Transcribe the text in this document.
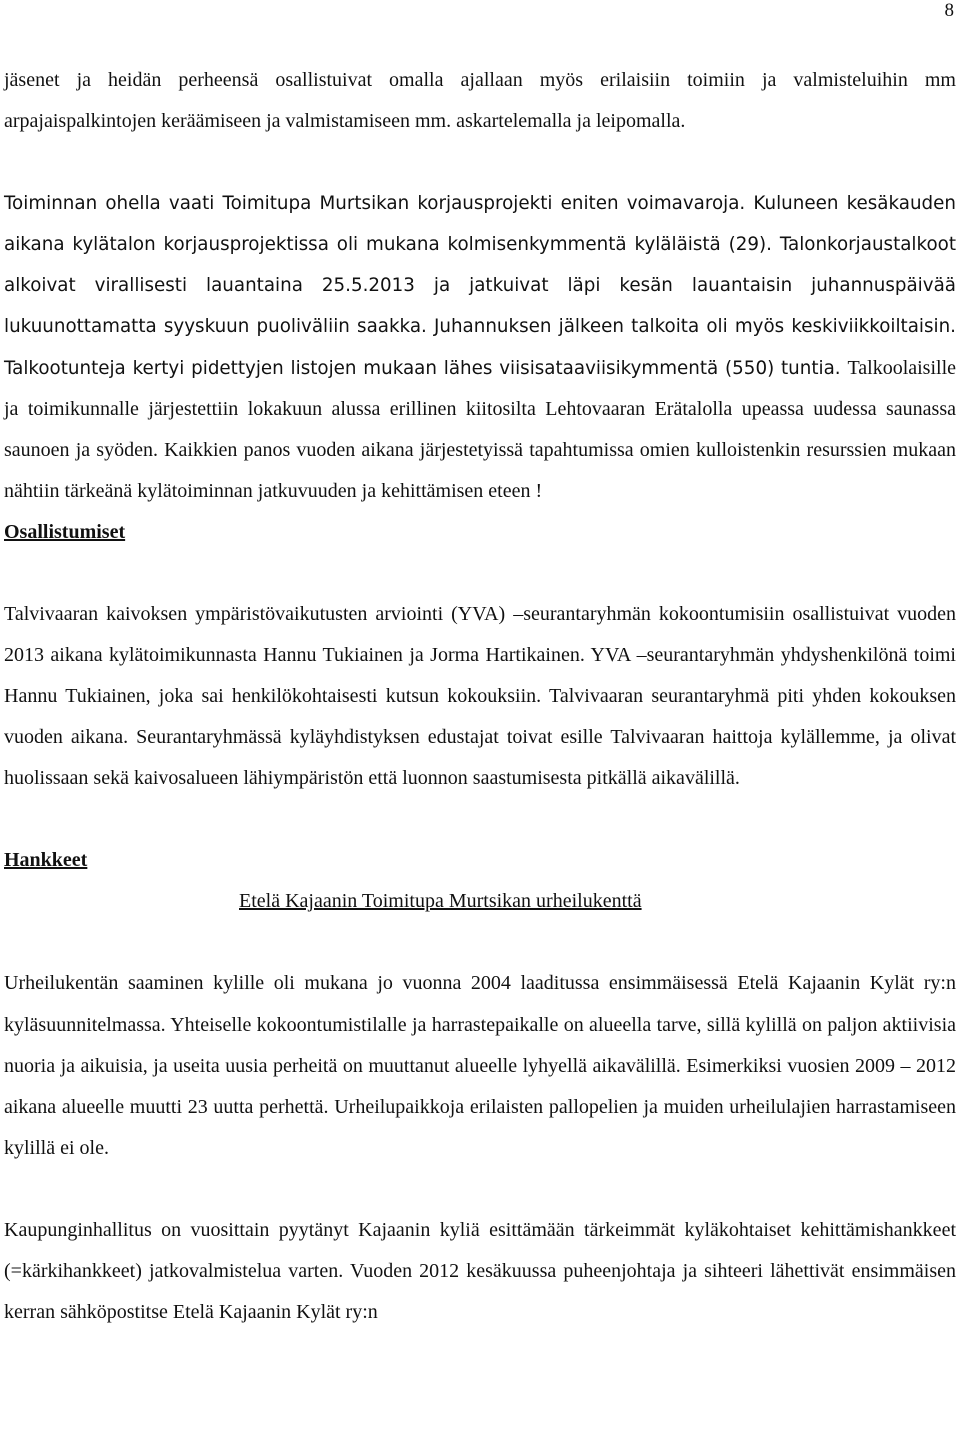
8

jäsenet ja heidän perheensä osallistuivat omalla ajallaan myös erilaisiin toimiin ja valmisteluihin mm arpajaispalkintojen keräämiseen ja valmistamiseen mm. askartelemalla ja leipomalla.

Toiminnan ohella vaati Toimitupa Murtsikan korjausprojekti eniten voimavaroja. Kuluneen kesäkauden aikana kylätalon korjausprojektissa oli mukana kolmisenkymmentä kyläläistä (29). Talonkorjaustalkoot alkoivat virallisesti lauantaina 25.5.2013 ja jatkuivat läpi kesän lauantaisin juhannuspäivää lukuunottamatta syyskuun puoliväliin saakka. Juhannuksen jälkeen talkoita oli myös keskiviikkoiltaisin. Talkootunteja kertyi pidettyjen listojen mukaan lähes viisisataaviisikymmentä (550) tuntia. Talkoolaisille ja toimikunnalle järjestettiin lokakuun alussa erillinen kiitosilta Lehtovaaran Erätalolla upeassa uudessa saunassa saunoen ja syöden. Kaikkien panos vuoden aikana järjestetyissä tapahtumissa omien kulloistenkin resurssien mukaan nähtiin tärkeänä kylätoiminnan jatkuvuuden ja kehittämisen eteen !

Osallistumiset

Talvivaaran kaivoksen ympäristövaikutusten arviointi (YVA) –seurantaryhmän kokoontumisiin osallistuivat vuoden 2013 aikana kylätoimikunnasta Hannu Tukiainen ja Jorma Hartikainen. YVA –seurantaryhmän yhdyshenkilönä toimi Hannu Tukiainen, joka sai henkilökohtaisesti kutsun kokouksiin. Talvivaaran seurantaryhmä piti yhden kokouksen vuoden aikana. Seurantaryhmässä kyläyhdistyksen edustajat toivat esille Talvivaaran haittoja kylällemme, ja olivat huolissaan sekä kaivosalueen lähiympäristön että luonnon saastumisesta pitkällä aikavälillä.

Hankkeet

Etelä Kajaanin Toimitupa Murtsikan urheilukenttä

Urheilukentän saaminen kylille oli mukana jo vuonna 2004 laaditussa ensimmäisessä Etelä Kajaanin Kylät ry:n kyläsuunnitelmassa. Yhteiselle kokoontumistilalle ja harrastepaikalle on alueella tarve, sillä kylillä on paljon aktiivisia nuoria ja aikuisia, ja useita uusia perheitä on muuttanut alueelle lyhyellä aikavälillä. Esimerkiksi vuosien 2009 – 2012 aikana alueelle muutti 23 uutta perhettä. Urheilupaikkoja erilaisten pallopelien ja muiden urheilulajien harrastamiseen kylillä ei ole.

Kaupunginhallitus on vuosittain pyytänyt Kajaanin kyliä esittämään tärkeimmät kyläkohtaiset kehittämishankkeet (=kärkihankkeet) jatkovalmistelua varten. Vuoden 2012 kesäkuussa puheenjohtaja ja sihteeri lähettivät ensimmäisen kerran sähköpostitse Etelä Kajaanin Kylät ry:n
